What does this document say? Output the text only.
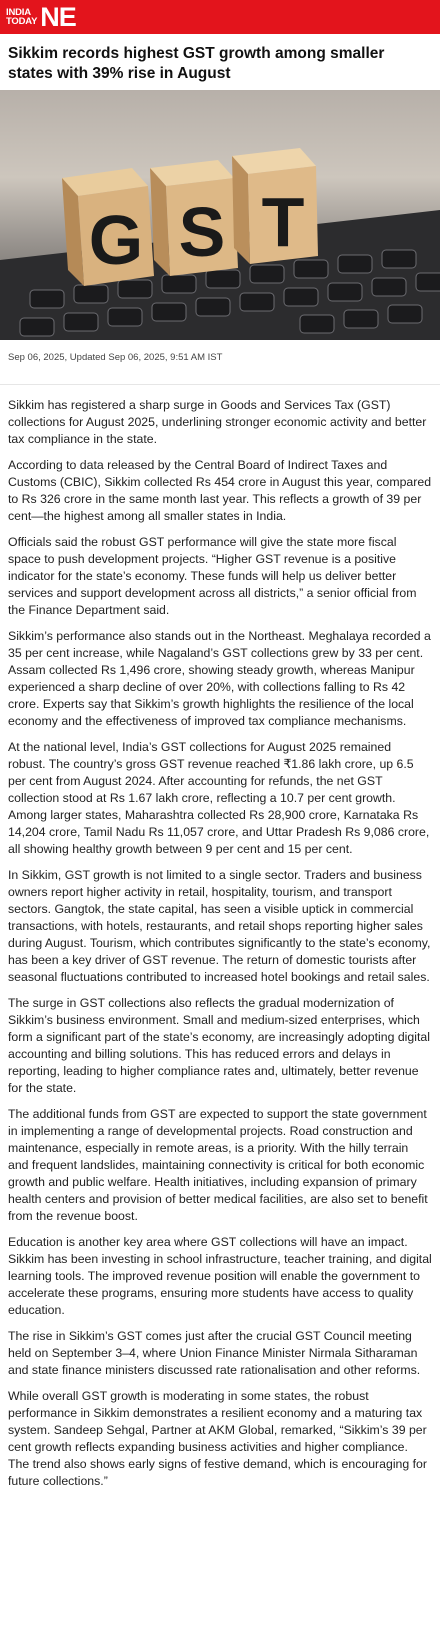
INDIA
TODAY NE
Sikkim records highest GST growth among smaller states with 39% rise in August
G S T
Sep 06, 2025, Updated Sep 06, 2025, 9:51 AM IST

Sikkim has registered a sharp surge in Goods and Services Tax (GST) collections for August 2025, underlining stronger economic activity and better tax compliance in the state.

According to data released by the Central Board of Indirect Taxes and Customs (CBIC), Sikkim collected Rs 454 crore in August this year, compared to Rs 326 crore in the same month last year. This reflects a growth of 39 per cent—the highest among all smaller states in India.

Officials said the robust GST performance will give the state more fiscal space to push development projects. “Higher GST revenue is a positive indicator for the state’s economy. These funds will help us deliver better services and support development across all districts,” a senior official from the Finance Department said.

Sikkim’s performance also stands out in the Northeast. Meghalaya recorded a 35 per cent increase, while Nagaland’s GST collections grew by 33 per cent. Assam collected Rs 1,496 crore, showing steady growth, whereas Manipur experienced a sharp decline of over 20%, with collections falling to Rs 42 crore. Experts say that Sikkim’s growth highlights the resilience of the local economy and the effectiveness of improved tax compliance mechanisms.

At the national level, India’s GST collections for August 2025 remained robust. The country’s gross GST revenue reached ₹1.86 lakh crore, up 6.5 per cent from August 2024. After accounting for refunds, the net GST collection stood at Rs 1.67 lakh crore, reflecting a 10.7 per cent growth. Among larger states, Maharashtra collected Rs 28,900 crore, Karnataka Rs 14,204 crore, Tamil Nadu Rs 11,057 crore, and Uttar Pradesh Rs 9,086 crore, all showing healthy growth between 9 per cent and 15 per cent.

In Sikkim, GST growth is not limited to a single sector. Traders and business owners report higher activity in retail, hospitality, tourism, and transport sectors. Gangtok, the state capital, has seen a visible uptick in commercial transactions, with hotels, restaurants, and retail shops reporting higher sales during August. Tourism, which contributes significantly to the state’s economy, has been a key driver of GST revenue. The return of domestic tourists after seasonal fluctuations contributed to increased hotel bookings and retail sales.

The surge in GST collections also reflects the gradual modernization of Sikkim’s business environment. Small and medium-sized enterprises, which form a significant part of the state’s economy, are increasingly adopting digital accounting and billing solutions. This has reduced errors and delays in reporting, leading to higher compliance rates and, ultimately, better revenue for the state.

The additional funds from GST are expected to support the state government in implementing a range of developmental projects. Road construction and maintenance, especially in remote areas, is a priority. With the hilly terrain and frequent landslides, maintaining connectivity is critical for both economic growth and public welfare. Health initiatives, including expansion of primary health centers and provision of better medical facilities, are also set to benefit from the revenue boost.

Education is another key area where GST collections will have an impact. Sikkim has been investing in school infrastructure, teacher training, and digital learning tools. The improved revenue position will enable the government to accelerate these programs, ensuring more students have access to quality education.

The rise in Sikkim’s GST comes just after the crucial GST Council meeting held on September 3–4, where Union Finance Minister Nirmala Sitharaman and state finance ministers discussed rate rationalisation and other reforms.

While overall GST growth is moderating in some states, the robust performance in Sikkim demonstrates a resilient economy and a maturing tax system. Sandeep Sehgal, Partner at AKM Global, remarked, “Sikkim’s 39 per cent growth reflects expanding business activities and higher compliance. The trend also shows early signs of festive demand, which is encouraging for future collections.”
